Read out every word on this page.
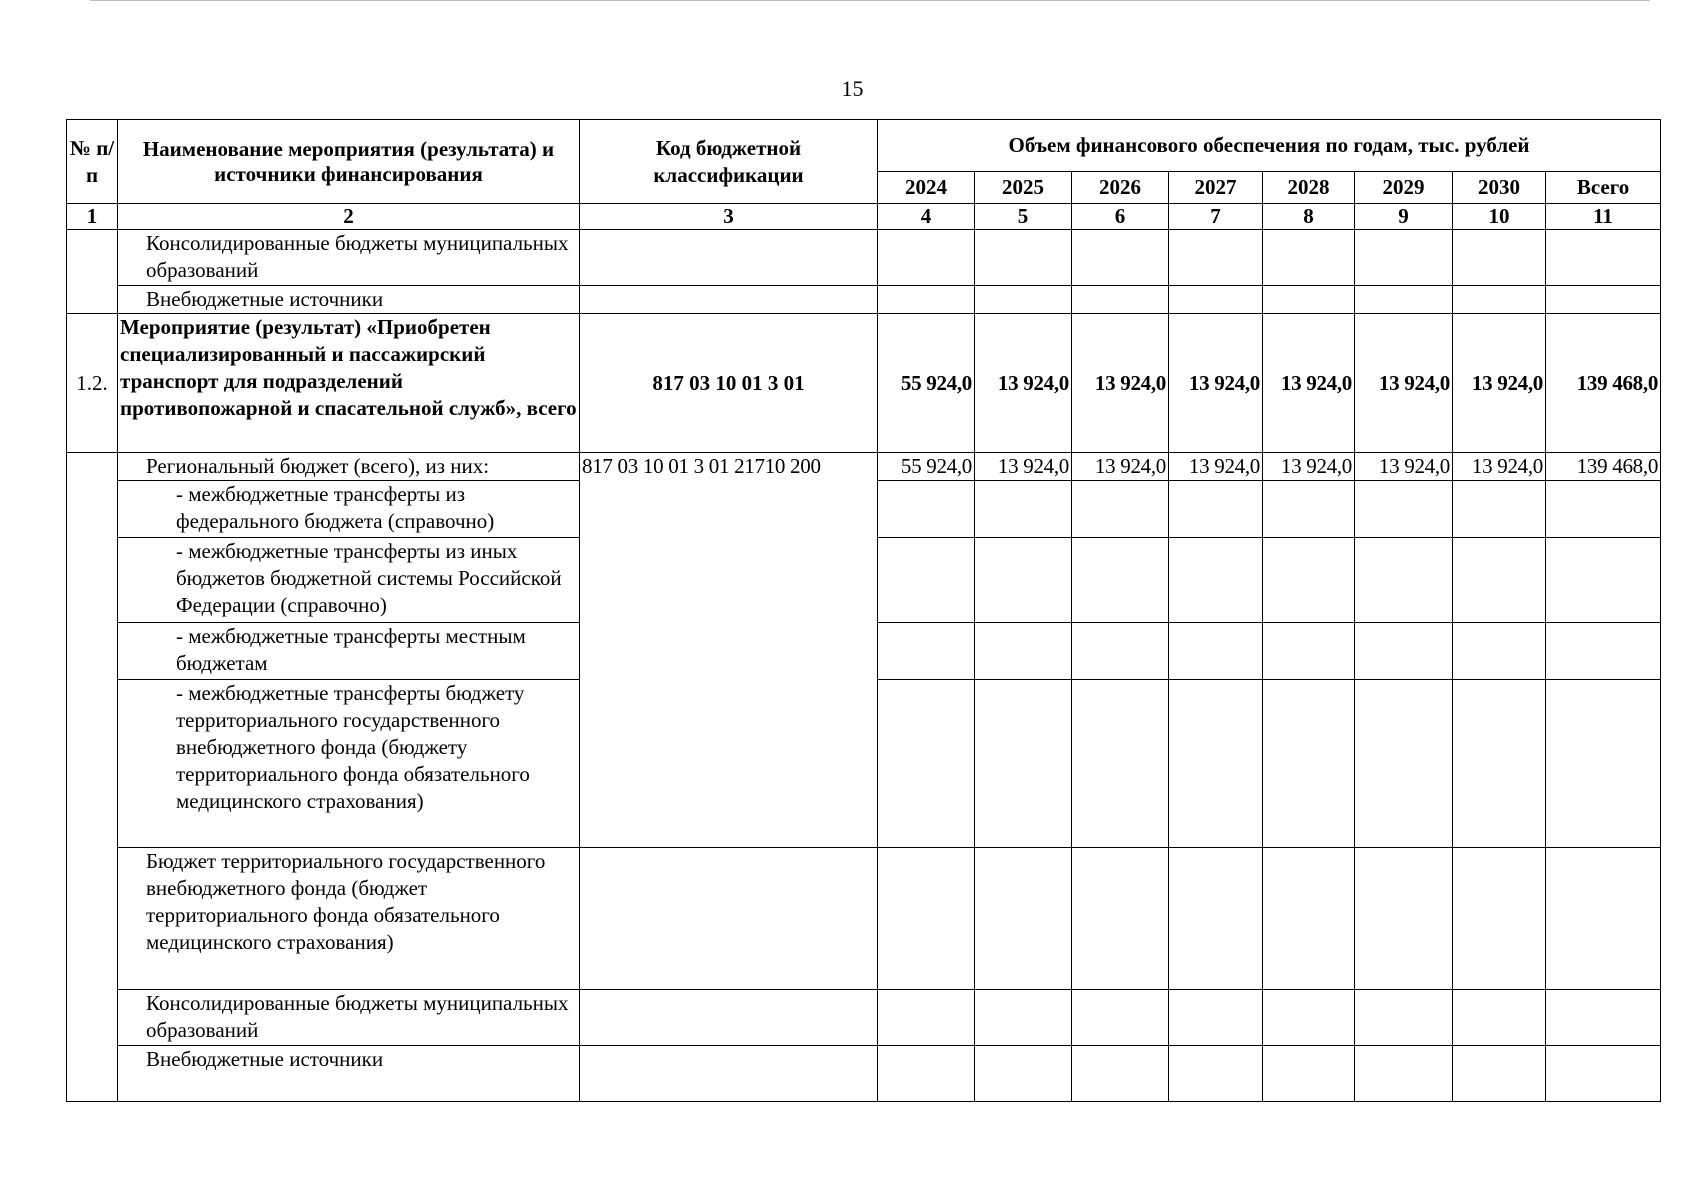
15
№ п/п	Наименование мероприятия (результата) и источники финансирования	Код бюджетной классификации	Объем финансового обеспечения по годам, тыс. рублей							
			2024	2025	2026	2027	2028	2029	2030	Всего
1	2	3	4	5	6	7	8	9	10	11
	Консолидированные бюджеты муниципальных образований									
	Внебюджетные источники									
1.2.	Мероприятие (результат) «Приобретен специализированный и пассажирский транспорт для подразделений противопожарной и спасательной служб», всего	817 03 10 01 3 01	55 924,0	13 924,0	13 924,0	13 924,0	13 924,0	13 924,0	13 924,0	139 468,0
	Региональный бюджет (всего), из них:	817 03 10 01 3 01 21710 200	55 924,0	13 924,0	13 924,0	13 924,0	13 924,0	13 924,0	13 924,0	139 468,0
	- межбюджетные трансферты из федерального бюджета (справочно)									
	- межбюджетные трансферты из иных бюджетов бюджетной системы Российской Федерации (справочно)									
	- межбюджетные трансферты местным бюджетам									
	- межбюджетные трансферты бюджету территориального государственного внебюджетного фонда (бюджету территориального фонда обязательного медицинского страхования)									
	Бюджет территориального государственного внебюджетного фонда (бюджет территориального фонда обязательного медицинского страхования)									
	Консолидированные бюджеты муниципальных образований									
	Внебюджетные источники									
